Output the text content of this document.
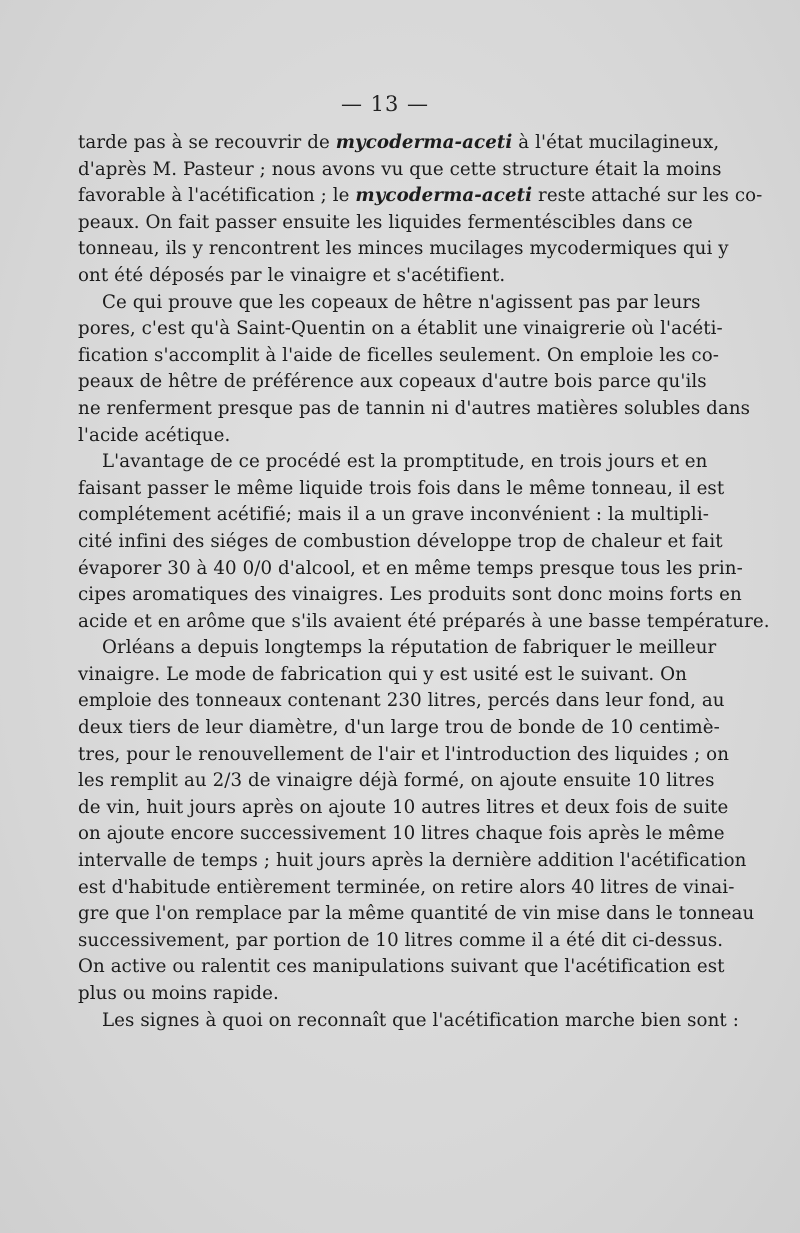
— 13 —
tarde pas à se recouvrir de mycoderma-aceti à l'état mucilagineux,
d'après M. Pasteur ; nous avons vu que cette structure était la moins
favorable à l'acétification ; le mycoderma-aceti reste attaché sur les co-
peaux. On fait passer ensuite les liquides fermentéscibles dans ce
tonneau, ils y rencontrent les minces mucilages mycodermiques qui y
ont été déposés par le vinaigre et s'acétifient.
Ce qui prouve que les copeaux de hêtre n'agissent pas par leurs
pores, c'est qu'à Saint-Quentin on a établit une vinaigrerie où l'acéti-
fication s'accomplit à l'aide de ficelles seulement. On emploie les co-
peaux de hêtre de préférence aux copeaux d'autre bois parce qu'ils
ne renferment presque pas de tannin ni d'autres matières solubles dans
l'acide acétique.
L'avantage de ce procédé est la promptitude, en trois jours et en
faisant passer le même liquide trois fois dans le même tonneau, il est
complétement acétifié; mais il a un grave inconvénient : la multipli-
cité infini des siéges de combustion développe trop de chaleur et fait
évaporer 30 à 40 0/0 d'alcool, et en même temps presque tous les prin-
cipes aromatiques des vinaigres. Les produits sont donc moins forts en
acide et en arôme que s'ils avaient été préparés à une basse température.
Orléans a depuis longtemps la réputation de fabriquer le meilleur
vinaigre. Le mode de fabrication qui y est usité est le suivant. On
emploie des tonneaux contenant 230 litres, percés dans leur fond, au
deux tiers de leur diamètre, d'un large trou de bonde de 10 centimè-
tres, pour le renouvellement de l'air et l'introduction des liquides ; on
les remplit au 2/3 de vinaigre déjà formé, on ajoute ensuite 10 litres
de vin, huit jours après on ajoute 10 autres litres et deux fois de suite
on ajoute encore successivement 10 litres chaque fois après le même
intervalle de temps ; huit jours après la dernière addition l'acétification
est d'habitude entièrement terminée, on retire alors 40 litres de vinai-
gre que l'on remplace par la même quantité de vin mise dans le tonneau
successivement, par portion de 10 litres comme il a été dit ci-dessus.
On active ou ralentit ces manipulations suivant que l'acétification est
plus ou moins rapide.
Les signes à quoi on reconnaît que l'acétification marche bien sont :
